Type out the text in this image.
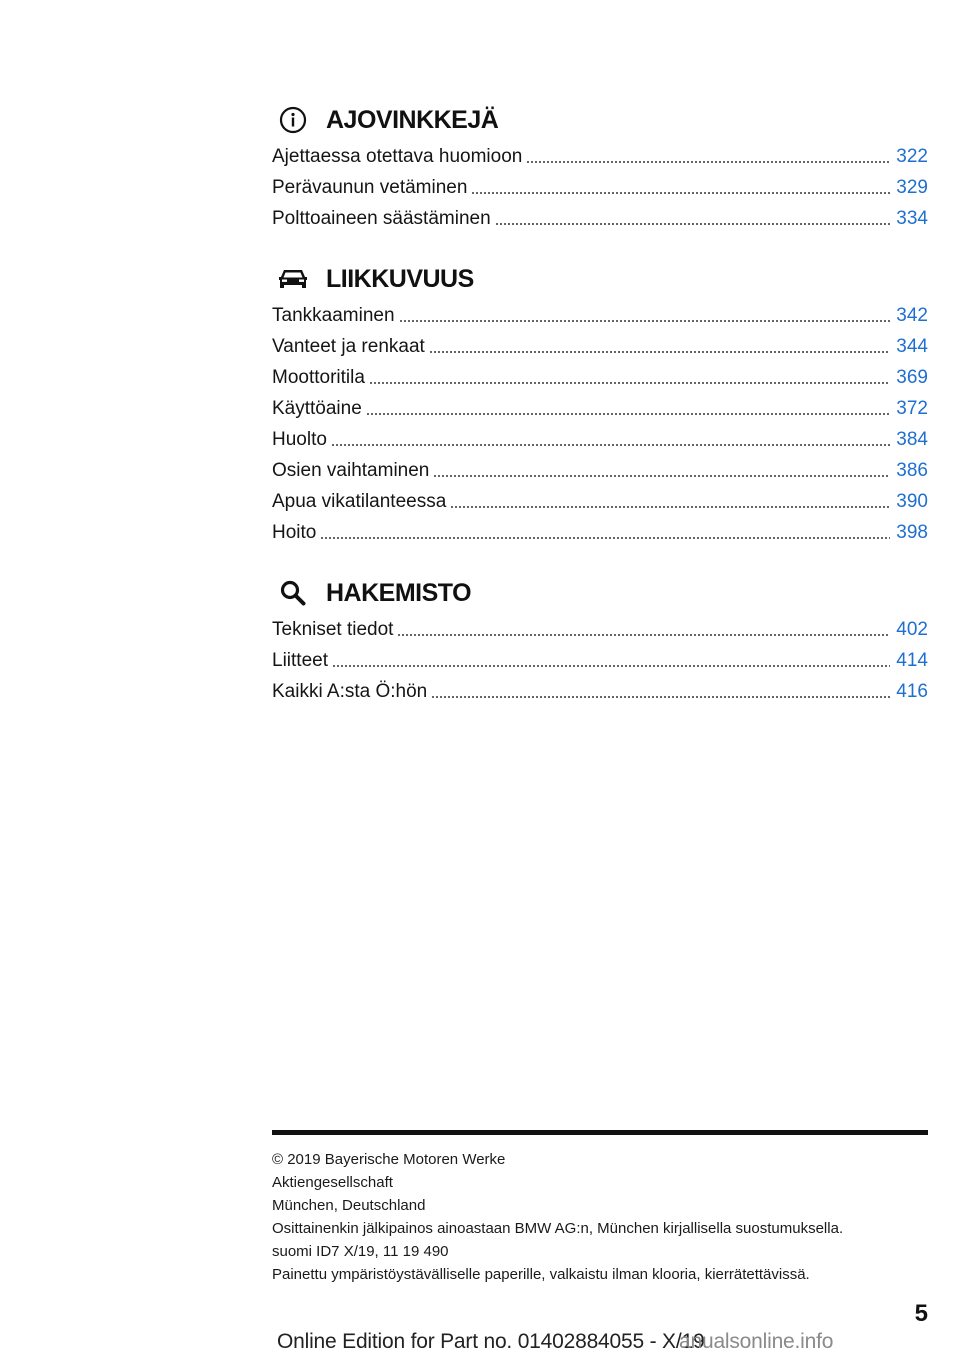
AJOVINKKEJÄ
Ajettaessa otettava huomioon	322
Perävaunun vetäminen	329
Polttoaineen säästäminen	334
LIIKKUVUUS
Tankkaaminen	342
Vanteet ja renkaat	344
Moottoritila	369
Käyttöaine	372
Huolto	384
Osien vaihtaminen	386
Apua vikatilanteessa	390
Hoito	398
HAKEMISTO
Tekniset tiedot	402
Liitteet	414
Kaikki A:sta Ö:hön	416
© 2019 Bayerische Motoren Werke
Aktiengesellschaft
München, Deutschland
Osittainenkin jälkipainos ainoastaan BMW AG:n, München kirjallisella suostumuksella.
suomi ID7 X/19, 11 19 490
Painettu ympäristöystävälliselle paperille, valkaistu ilman klooria, kierrätettävissä.
5
Online Edition for Part no. 01402884055 - X/19
anualsonline.info
